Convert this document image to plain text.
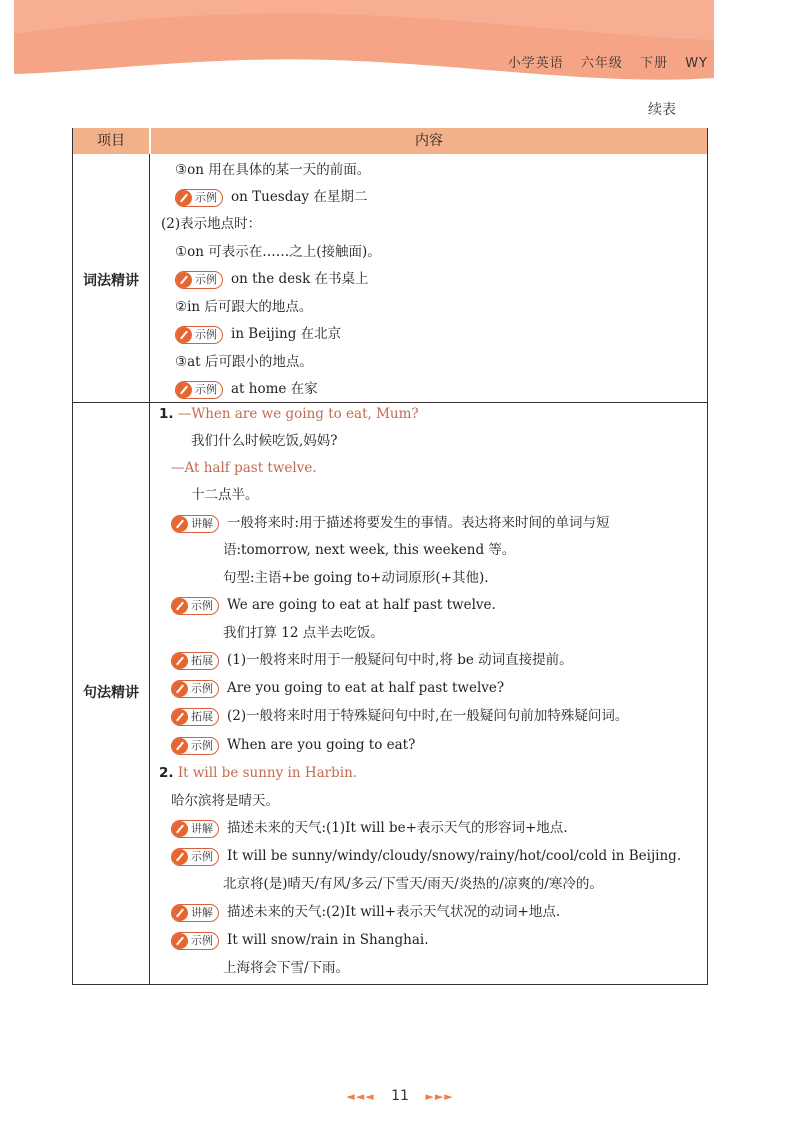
小学英语 六年级 下册 WY
续表
项目	内容
词法精讲
句法精讲
③on 用在具体的某一天的前面。
示例 on Tuesday 在星期二
(2)表示地点时：
①on 可表示在……之上(接触面)。
示例 on the desk 在书桌上
②in 后可跟大的地点。
示例 in Beijing 在北京
③at 后可跟小的地点。
示例 at home 在家
1. —When are we going to eat, Mum?
我们什么时候吃饭,妈妈?
—At half past twelve.
十二点半。
讲解 一般将来时:用于描述将要发生的事情。表达将来时间的单词与短
语:tomorrow, next week, this weekend 等。
句型:主语+be going to+动词原形(+其他).
示例 We are going to eat at half past twelve.
我们打算 12 点半去吃饭。
拓展 (1)一般将来时用于一般疑问句中时,将 be 动词直接提前。
示例 Are you going to eat at half past twelve?
拓展 (2)一般将来时用于特殊疑问句中时,在一般疑问句前加特殊疑问词。
示例 When are you going to eat?
2. It will be sunny in Harbin.
哈尔滨将是晴天。
讲解 描述未来的天气:(1)It will be+表示天气的形容词+地点.
示例 It will be sunny/windy/cloudy/snowy/rainy/hot/cool/cold in Beijing.
北京将(是)晴天/有风/多云/下雪天/雨天/炎热的/凉爽的/寒冷的。
讲解 描述未来的天气:(2)It will+表示天气状况的动词+地点.
示例 It will snow/rain in Shanghai.
上海将会下雪/下雨。
◄◄◄ 11 ►►►
